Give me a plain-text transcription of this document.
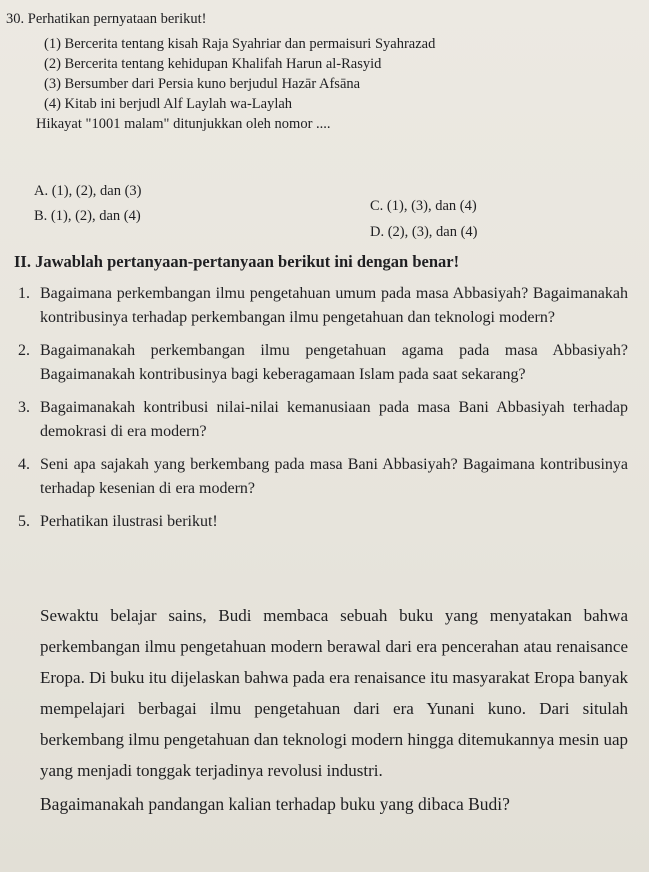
30. Perhatikan pernyataan berikut!
(1) Bercerita tentang kisah Raja Syahriar dan permaisuri Syahrazad
(2) Bercerita tentang kehidupan Khalifah Harun al-Rasyid
(3) Bersumber dari Persia kuno berjudul Hazār Afsāna
(4) Kitab ini berjudl Alf Laylah wa-Laylah
Hikayat "1001 malam" ditunjukkan oleh nomor ....
A. (1), (2), dan (3)
B. (1), (2), dan (4)
C. (1), (3), dan (4)
D. (2), (3), dan (4)
II. Jawablah pertanyaan-pertanyaan berikut ini dengan benar!
1. Bagaimana perkembangan ilmu pengetahuan umum pada masa Abbasiyah? Bagaimanakah kontribusinya terhadap perkembangan ilmu pengetahuan dan teknologi modern?
2. Bagaimanakah perkembangan ilmu pengetahuan agama pada masa Abbasiyah? Bagaimanakah kontribusinya bagi keberagamaan Islam pada saat sekarang?
3. Bagaimanakah kontribusi nilai-nilai kemanusiaan pada masa Bani Abbasiyah terhadap demokrasi di era modern?
4. Seni apa sajakah yang berkembang pada masa Bani Abbasiyah? Bagaimana kontribusinya terhadap kesenian di era modern?
5. Perhatikan ilustrasi berikut!
Sewaktu belajar sains, Budi membaca sebuah buku yang menyatakan bahwa perkembangan ilmu pengetahuan modern berawal dari era pencerahan atau renaisance Eropa. Di buku itu dijelaskan bahwa pada era renaisance itu masyarakat Eropa banyak mempelajari berbagai ilmu pengetahuan dari era Yunani kuno. Dari situlah berkembang ilmu pengetahuan dan teknologi modern hingga ditemukannya mesin uap yang menjadi tonggak terjadinya revolusi industri.
Bagaimanakah pandangan kalian terhadap buku yang dibaca Budi?
